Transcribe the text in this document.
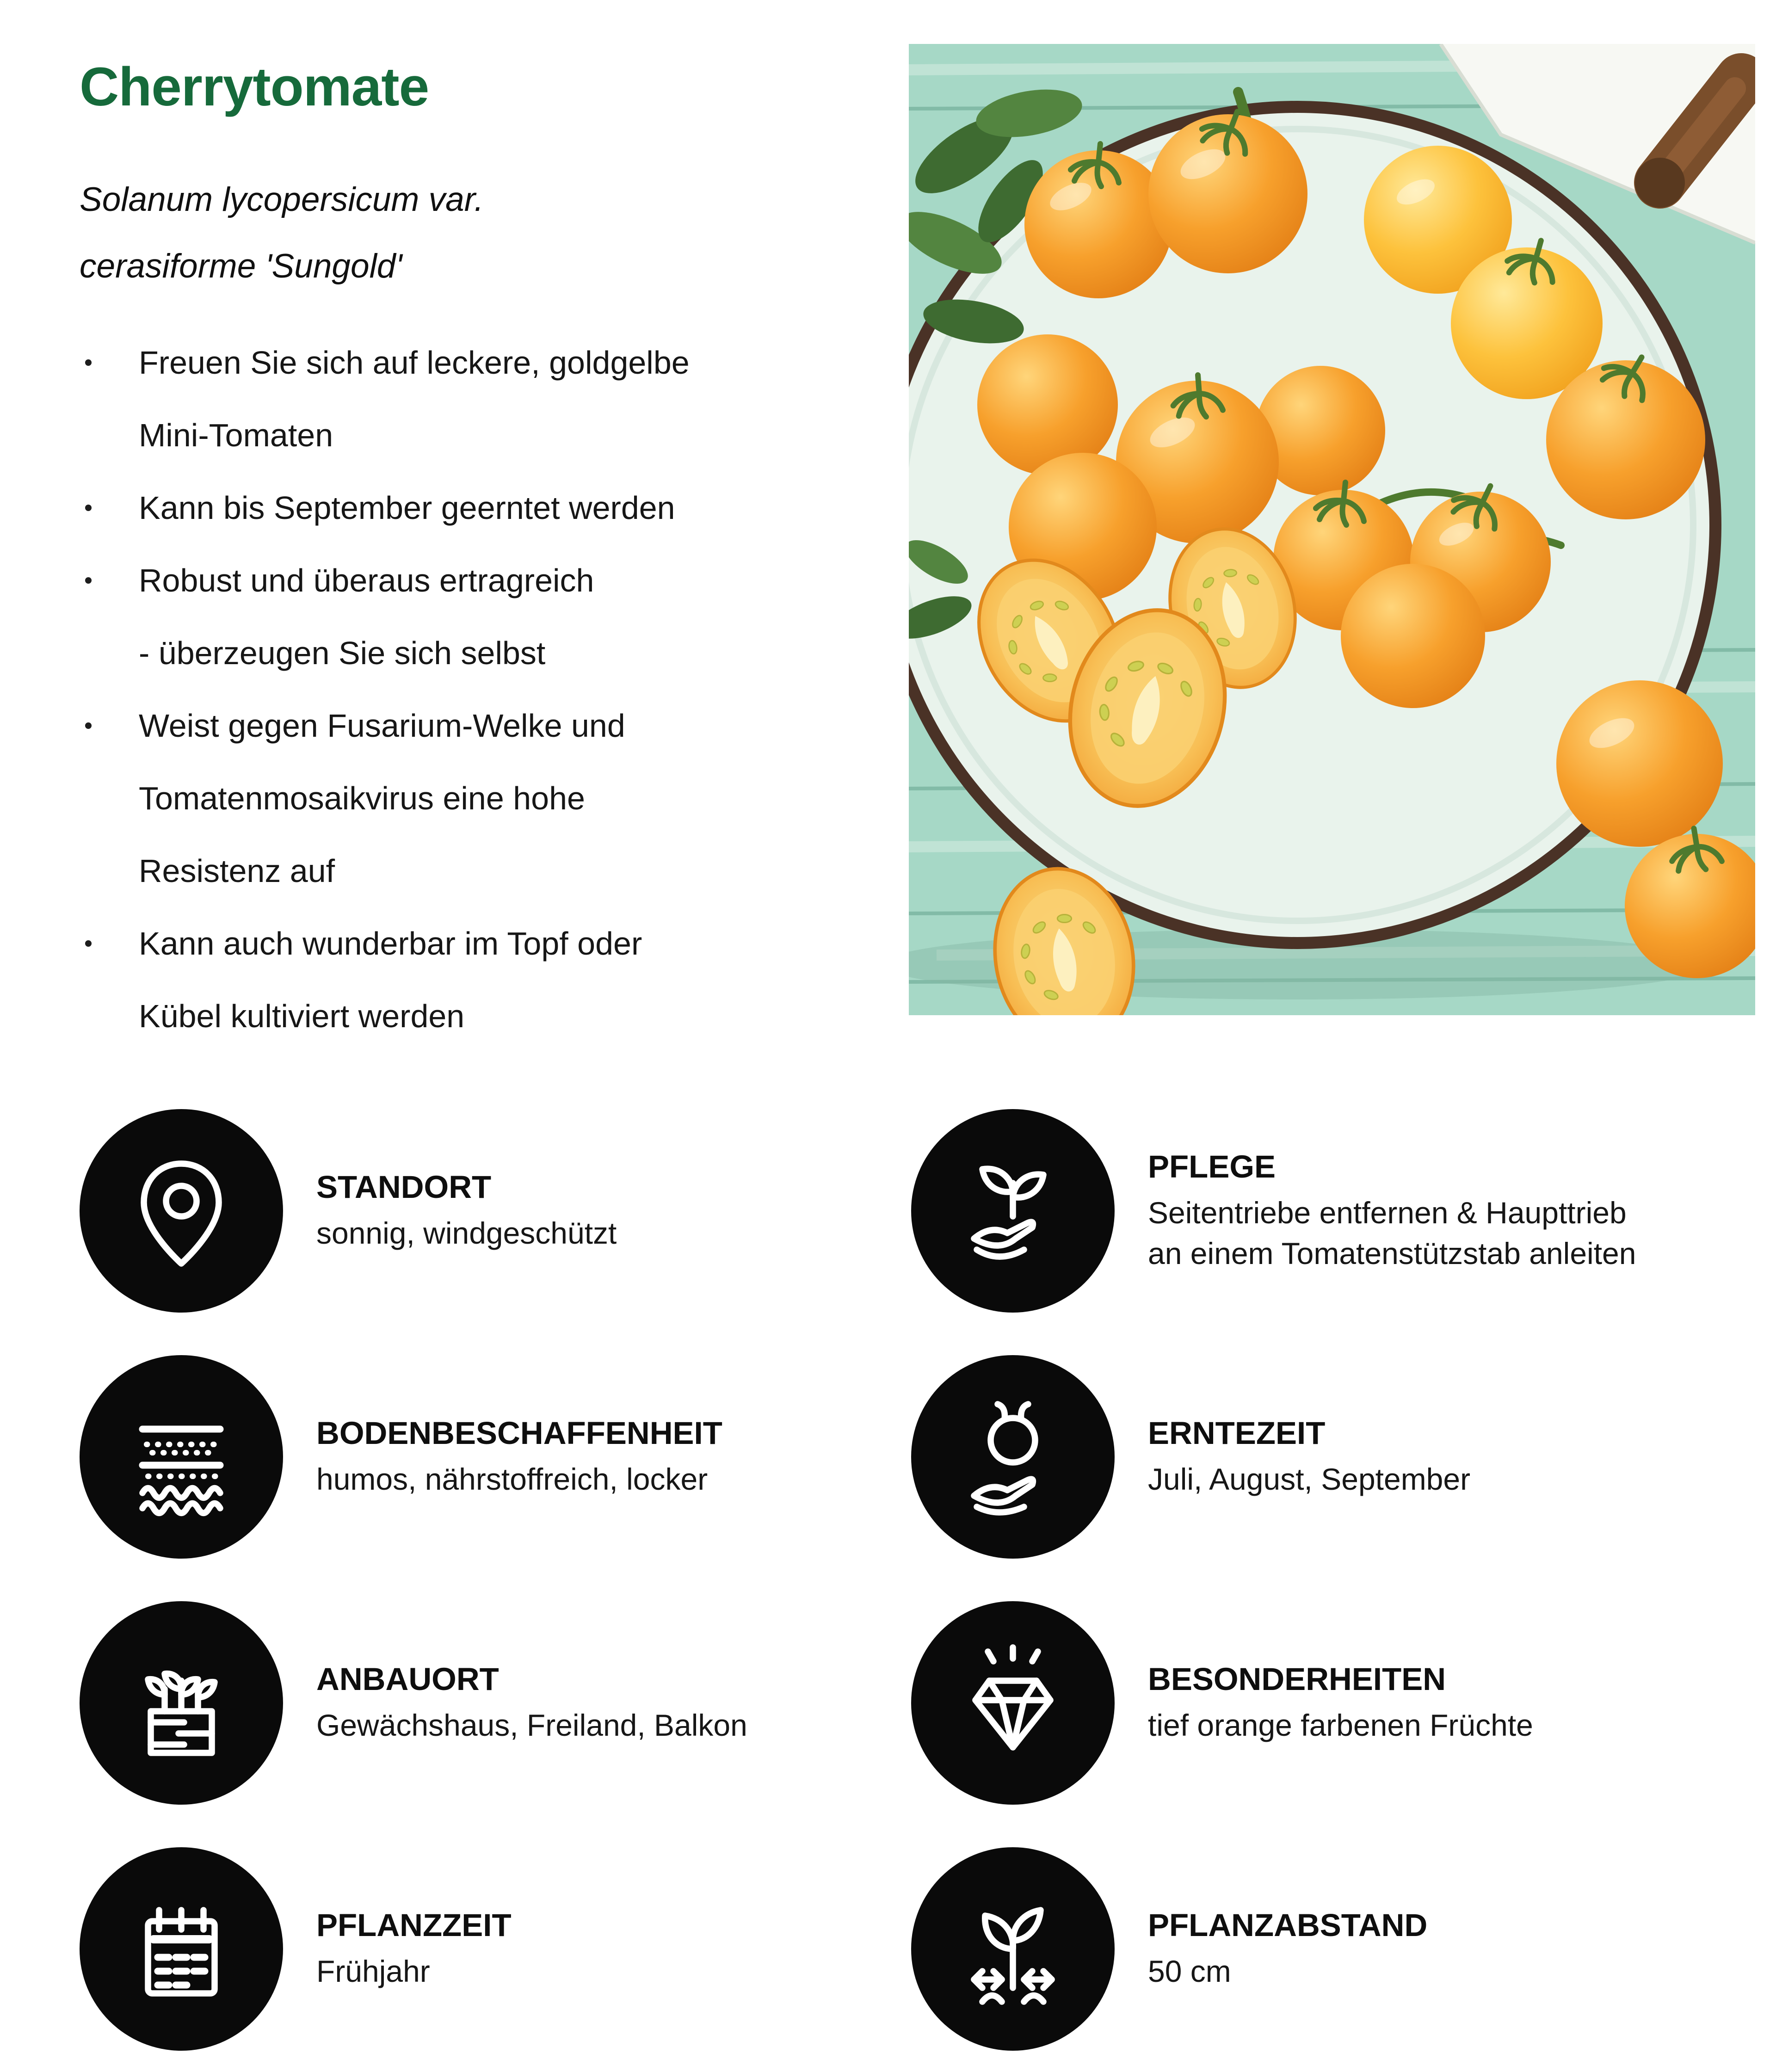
Cherrytomate

Solanum lycopersicum var.
cerasiforme 'Sungold'

Freuen Sie sich auf leckere, goldgelbe
Mini-Tomaten
Kann bis September geerntet werden
Robust und überaus ertragreich
- überzeugen Sie sich selbst
Weist gegen Fusarium-Welke und
Tomatenmosaikvirus eine hohe
Resistenz auf
Kann auch wunderbar im Topf oder
Kübel kultiviert werden
STANDORT
sonnig, windgeschützt
PFLEGE
Seitentriebe entfernen & Haupttrieb
an einem Tomatenstützstab anleiten
BODENBESCHAFFENHEIT
humos, nährstoffreich, locker
ERNTEZEIT
Juli, August, September
ANBAUORT
Gewächshaus, Freiland, Balkon
BESONDERHEITEN
tief orange farbenen Früchte
PFLANZZEIT
Frühjahr
PFLANZABSTAND
50 cm
